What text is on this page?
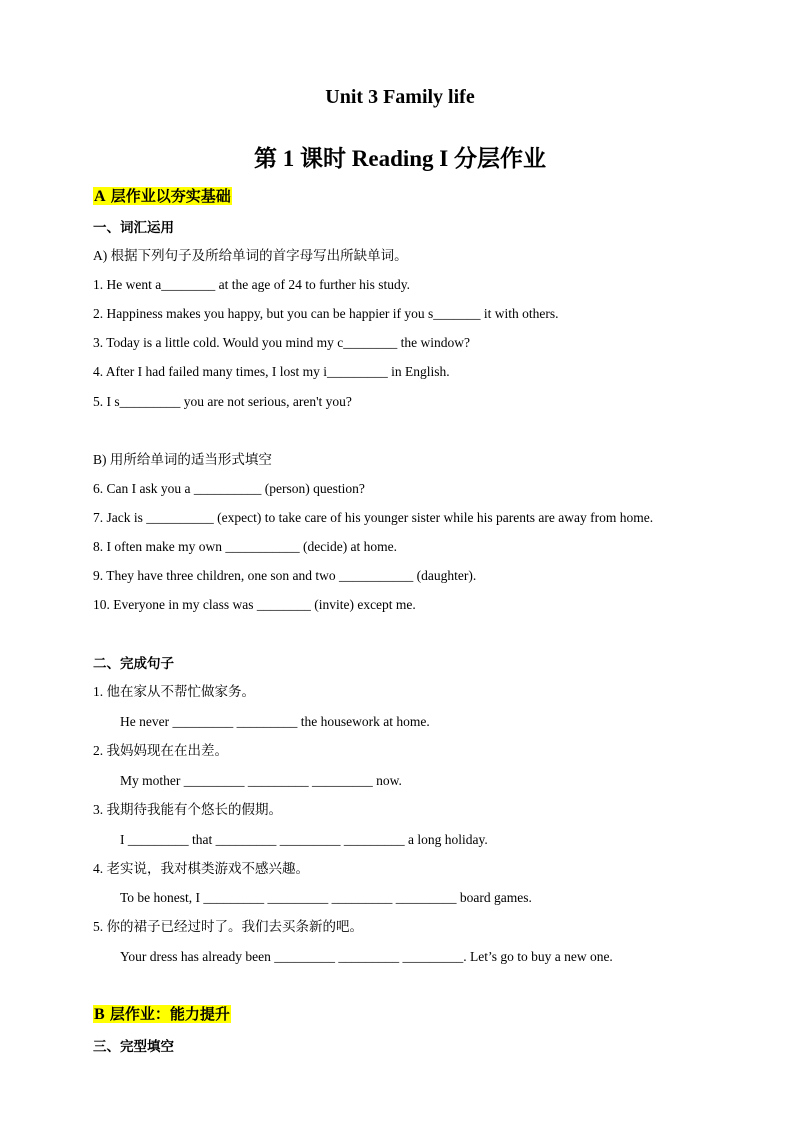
Unit 3 Family life
第 1 课时 Reading I 分层作业
A 层作业以夯实基础
一、词汇运用
A) 根据下列句子及所给单词的首字母写出所缺单词。
1. He went a________ at the age of 24 to further his study.
2. Happiness makes you happy, but you can be happier if you s_______ it with others.
3. Today is a little cold. Would you mind my c________ the window?
4. After I had failed many times, I lost my i_________ in English.
5. I s_________ you are not serious, aren't you?
B) 用所给单词的适当形式填空
6. Can I ask you a __________ (person) question?
7. Jack is __________ (expect) to take care of his younger sister while his parents are away from home.
8. I often make my own ___________ (decide) at home.
9. They have three children, one son and two ___________ (daughter).
10. Everyone in my class was ________ (invite) except me.
二、完成句子
1. 他在家从不帮忙做家务。
He never _________ _________ the housework at home.
2. 我妈妈现在在出差。
My mother _________ _________ _________ now.
3. 我期待我能有个悠长的假期。
I _________ that _________ _________ _________ a long holiday.
4. 老实说，我对棋类游戏不感兴趣。
To be honest, I _________ _________ _________ _________ board games.
5. 你的裙子已经过时了。我们去买条新的吧。
Your dress has already been _________ _________ _________. Let’s go to buy a new one.
B 层作业：能力提升
三、完型填空
